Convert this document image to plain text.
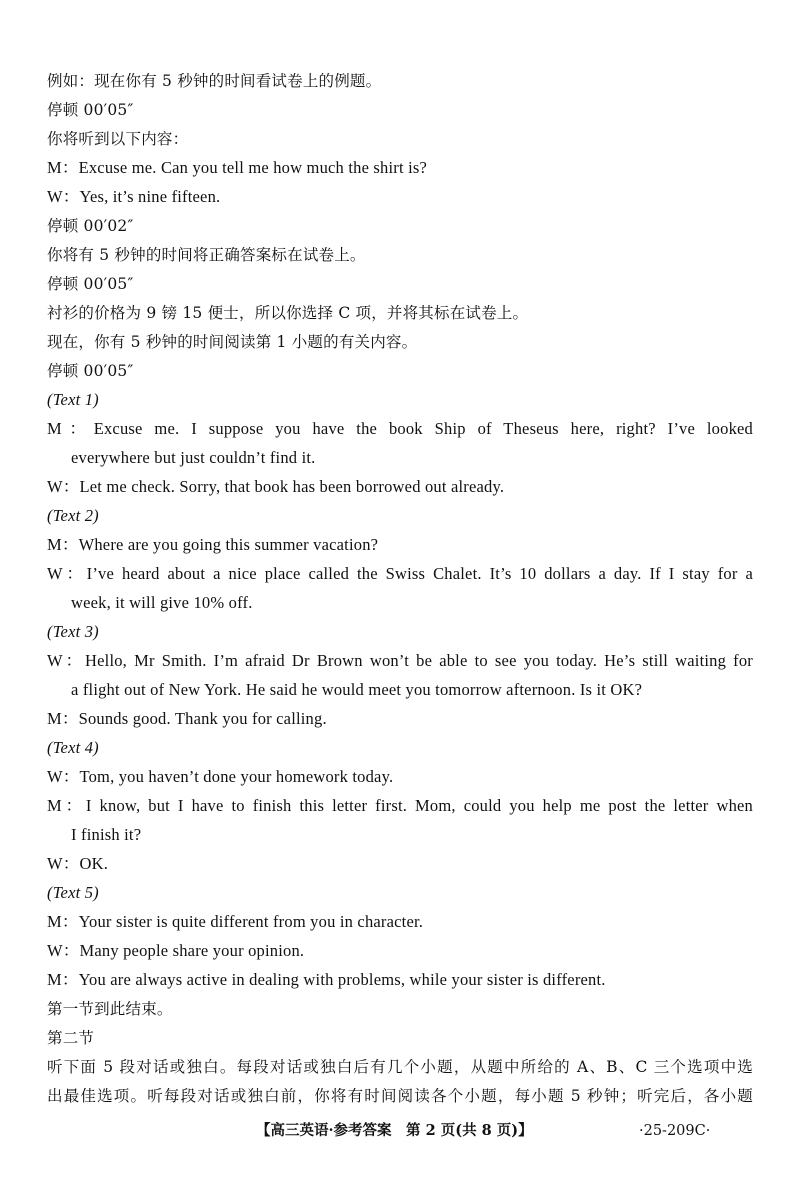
例如：现在你有 5 秒钟的时间看试卷上的例题。
停顿 00′05″
你将听到以下内容：
M：Excuse me. Can you tell me how much the shirt is?
W：Yes, it’s nine fifteen.
停顿 00′02″
你将有 5 秒钟的时间将正确答案标在试卷上。
停顿 00′05″
衬衫的价格为 9 镑 15 便士，所以你选择 C 项，并将其标在试卷上。
现在，你有 5 秒钟的时间阅读第 1 小题的有关内容。
停顿 00′05″
(Text 1)
M：Excuse me. I suppose you have the book Ship of Theseus here, right? I’ve looked
everywhere but just couldn’t find it.
W：Let me check. Sorry, that book has been borrowed out already.
(Text 2)
M：Where are you going this summer vacation?
W：I’ve heard about a nice place called the Swiss Chalet. It’s 10 dollars a day. If I stay for a
week, it will give 10% off.
(Text 3)
W：Hello, Mr Smith. I’m afraid Dr Brown won’t be able to see you today. He’s still waiting for
a flight out of New York. He said he would meet you tomorrow afternoon. Is it OK?
M：Sounds good. Thank you for calling.
(Text 4)
W：Tom, you haven’t done your homework today.
M：I know, but I have to finish this letter first. Mom, could you help me post the letter when
I finish it?
W：OK.
(Text 5)
M：Your sister is quite different from you in character.
W：Many people share your opinion.
M：You are always active in dealing with problems, while your sister is different.
第一节到此结束。
第二节
听下面 5 段对话或独白。每段对话或独白后有几个小题，从题中所给的 A、B、C 三个选项中选
出最佳选项。听每段对话或独白前，你将有时间阅读各个小题，每小题 5 秒钟；听完后，各小题
【高三英语·参考答案　第 2 页(共 8 页)】	·25-209C·
